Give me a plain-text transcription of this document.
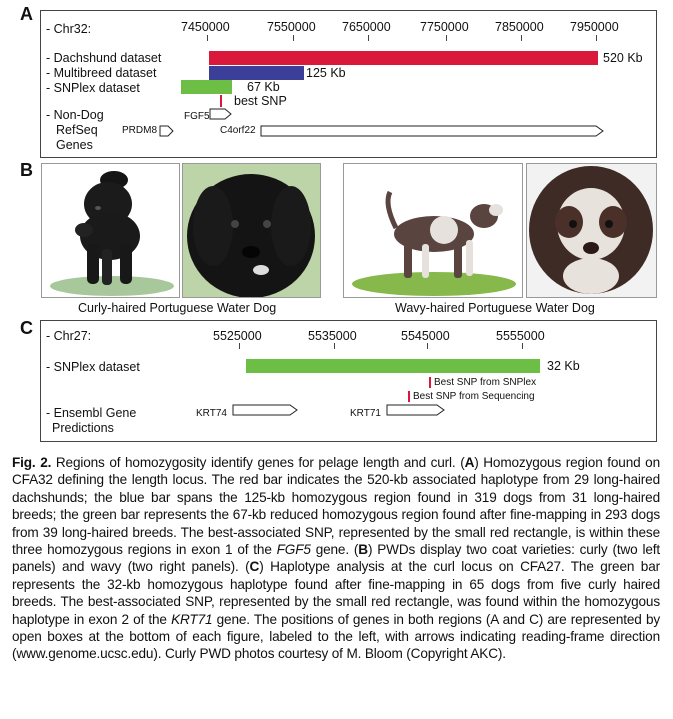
A
- Chr32:	7450000	7550000 7650000 7750000 7850000 7950000
- Dachshund dataset	520 Kb
- Multibreed dataset	125 Kb
- SNPlex dataset	67 Kb
best SNP
- Non-Dog
RefSeq
Genes
FGF5
PRDM8	C4orf22
B
Curly-haired Portuguese Water Dog	Wavy-haired Portuguese Water Dog
C - Chr27:	5525000	5535000	5545000	5555000
- SNPlex dataset	32 Kb
Best SNP from SNPlex
Best SNP from Sequencing
- Ensembl Gene
Predictions
KRT74	KRT71
Fig. 2. Regions of homozygosity identify genes for pelage length and curl. (A) Homozygous region found on CFA32 defining the length locus. The red bar indicates the 520-kb associated haplotype from 29 long-haired dachshunds; the blue bar spans the 125-kb homozygous region found in 319 dogs from 31 long-haired breeds; the green bar represents the 67-kb reduced homozygous region found after fine-mapping in 293 dogs from 39 long-haired breeds. The best-associated SNP, represented by the small red rectangle, is within these three homozygous regions in exon 1 of the FGF5 gene. (B) PWDs display two coat varieties: curly (two left panels) and wavy (two right panels). (C) Haplotype analysis at the curl locus on CFA27. The green bar represents the 32-kb homozygous haplotype found after fine-mapping in 65 dogs from five curly haired breeds. The best-associated SNP, represented by the small red rectangle, was found within the homozygous haplotype in exon 2 of the KRT71 gene. The positions of genes in both regions (A and C) are represented by open boxes at the bottom of each figure, labeled to the left, with arrows indicating reading-frame direction (www.genome.ucsc.edu). Curly PWD photos courtesy of M. Bloom (Copyright AKC).
